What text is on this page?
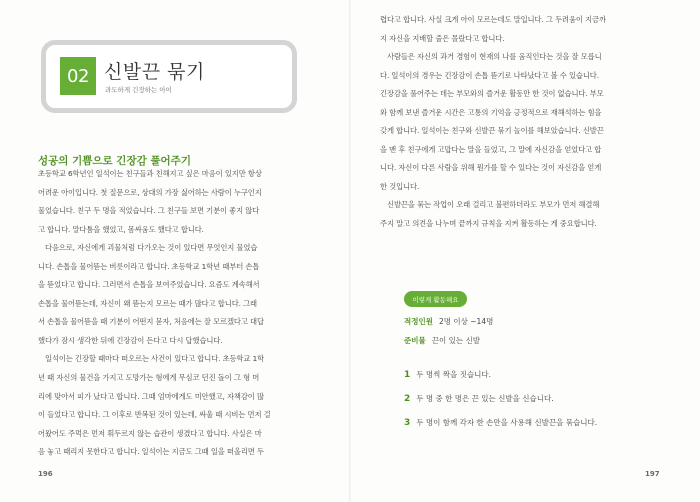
02 신발끈 묶기
과도하게 긴장하는 아이
성공의 기쁨으로 긴장감 풀어주기

초등학교 6학년인 일석이는 친구들과 친해지고 싶은 마음이 있지만 항상

어려운 아이입니다. 첫 질문으로, 상대의 가장 싫어하는 사람이 누구인지

물었습니다. 친구 두 명을 적었습니다. 그 친구들 보면 기분이 좋지 않다

고 합니다. 말다툼을 했었고, 몸싸움도 했다고 합니다.

다음으로, 자신에게 괴물처럼 다가오는 것이 있다면 무엇인지 물었습

니다. 손톱을 물어뜯는 버릇이라고 합니다. 초등학교 1학년 때부터 손톱

을 뜯었다고 합니다. 그러면서 손톱을 보여주었습니다. 요즘도 계속해서

손톱을 물어뜯는데, 자신이 왜 뜯는지 모르는 때가 많다고 합니다. 그래

서 손톱을 물어뜯을 때 기분이 어떤지 묻자, 처음에는 잘 모르겠다고 대답

했다가 잠시 생각한 뒤에 긴장감이 든다고 다시 답했습니다.

일석이는 긴장할 때마다 떠오르는 사건이 있다고 합니다. 초등학교 1학

년 때 자신의 물건을 가지고 도망가는 형에게 무심코 던진 돌이 그 형 머

리에 맞아서 피가 났다고 합니다. 그때 엄마에게도 미안했고, 자책감이 많

이 들었다고 합니다. 그 이후로 반복된 것이 있는데, 싸울 때 시비는 먼저 걸

어왔어도 주먹은 먼저 휘두르지 않는 습관이 생겼다고 합니다. 사실은 마

음 놓고 때리지 못한다고 합니다. 일석이는 지금도 그때 일을 떠올리면 두

196

렵다고 합니다. 사실 크게 아이 모르는데도 말입니다. 그 두려움이 지금까

지 자신을 지배할 줄은 몰랐다고 합니다.

사람들은 자신의 과거 경험이 현재의 나를 움직인다는 것을 잘 모릅니

다. 일석이의 경우는 긴장감이 손톱 뜯기로 나타났다고 볼 수 있습니다.

긴장감을 풀어주는 데는 부모와의 즐거운 활동만 한 것이 없습니다. 부모

와 함께 보낸 즐거운 시간은 고통의 기억을 긍정적으로 재해석하는 힘을

갖게 합니다. 일석이는 친구와 신발끈 묶기 놀이를 해보았습니다. 신발끈

을 맨 후 친구에게 고맙다는 말을 들었고, 그 말에 자신감을 얻었다고 합

니다. 자신이 다른 사람을 위해 뭔가를 할 수 있다는 것이 자신감을 얻게

한 것입니다.

신발끈을 묶는 작업이 오래 걸리고 불편하더라도 부모가 먼저 해결해

주지 말고 의견을 나누며 끝까지 규칙을 지켜 활동하는 게 중요합니다.

이렇게 활동해요
적정인원 2명 이상 ~14명
준비물 끈이 있는 신발
1 두 명씩 짝을 짓습니다.
2 두 명 중 한 명은 끈 있는 신발을 신습니다.
3 두 명이 함께 각자 한 손만을 사용해 신발끈을 묶습니다.
197
